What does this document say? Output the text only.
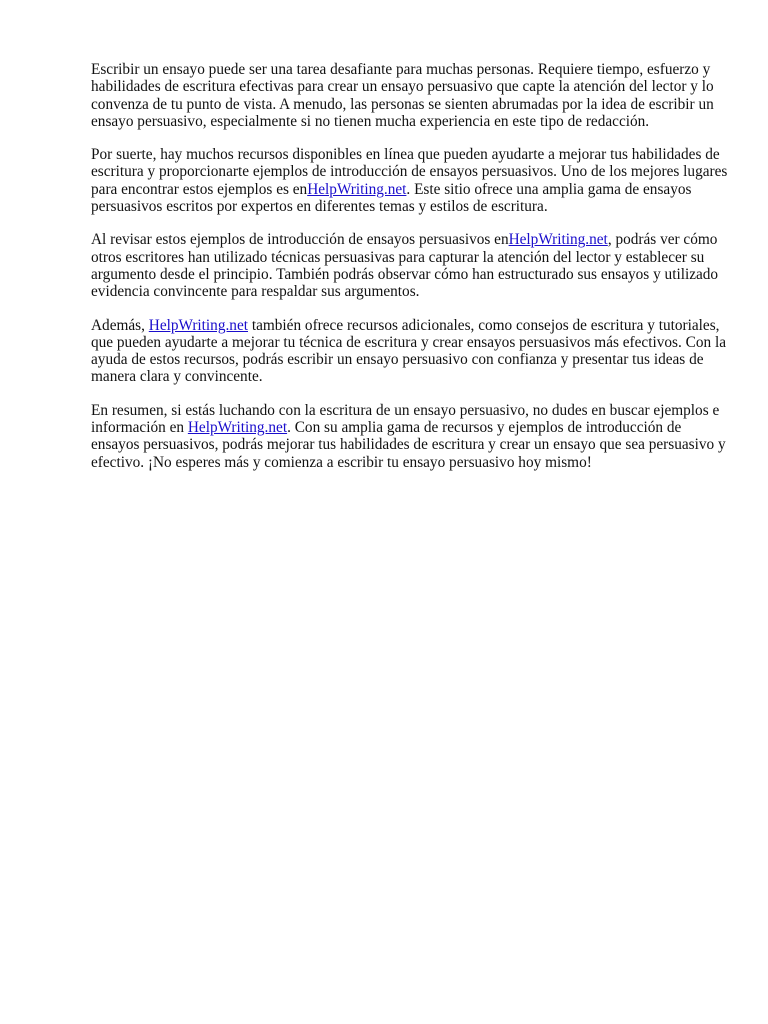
Escribir un ensayo puede ser una tarea desafiante para muchas personas. Requiere tiempo, esfuerzo y habilidades de escritura efectivas para crear un ensayo persuasivo que capte la atención del lector y lo convenza de tu punto de vista. A menudo, las personas se sienten abrumadas por la idea de escribir un ensayo persuasivo, especialmente si no tienen mucha experiencia en este tipo de redacción.

Por suerte, hay muchos recursos disponibles en línea que pueden ayudarte a mejorar tus habilidades de escritura y proporcionarte ejemplos de introducción de ensayos persuasivos. Uno de los mejores lugares para encontrar estos ejemplos es enHelpWriting.net. Este sitio ofrece una amplia gama de ensayos persuasivos escritos por expertos en diferentes temas y estilos de escritura.

Al revisar estos ejemplos de introducción de ensayos persuasivos enHelpWriting.net, podrás ver cómo otros escritores han utilizado técnicas persuasivas para capturar la atención del lector y establecer su argumento desde el principio. También podrás observar cómo han estructurado sus ensayos y utilizado evidencia convincente para respaldar sus argumentos.

Además, HelpWriting.net también ofrece recursos adicionales, como consejos de escritura y tutoriales, que pueden ayudarte a mejorar tu técnica de escritura y crear ensayos persuasivos más efectivos. Con la ayuda de estos recursos, podrás escribir un ensayo persuasivo con confianza y presentar tus ideas de manera clara y convincente.

En resumen, si estás luchando con la escritura de un ensayo persuasivo, no dudes en buscar ejemplos e información en HelpWriting.net. Con su amplia gama de recursos y ejemplos de introducción de ensayos persuasivos, podrás mejorar tus habilidades de escritura y crear un ensayo que sea persuasivo y efectivo. ¡No esperes más y comienza a escribir tu ensayo persuasivo hoy mismo!
